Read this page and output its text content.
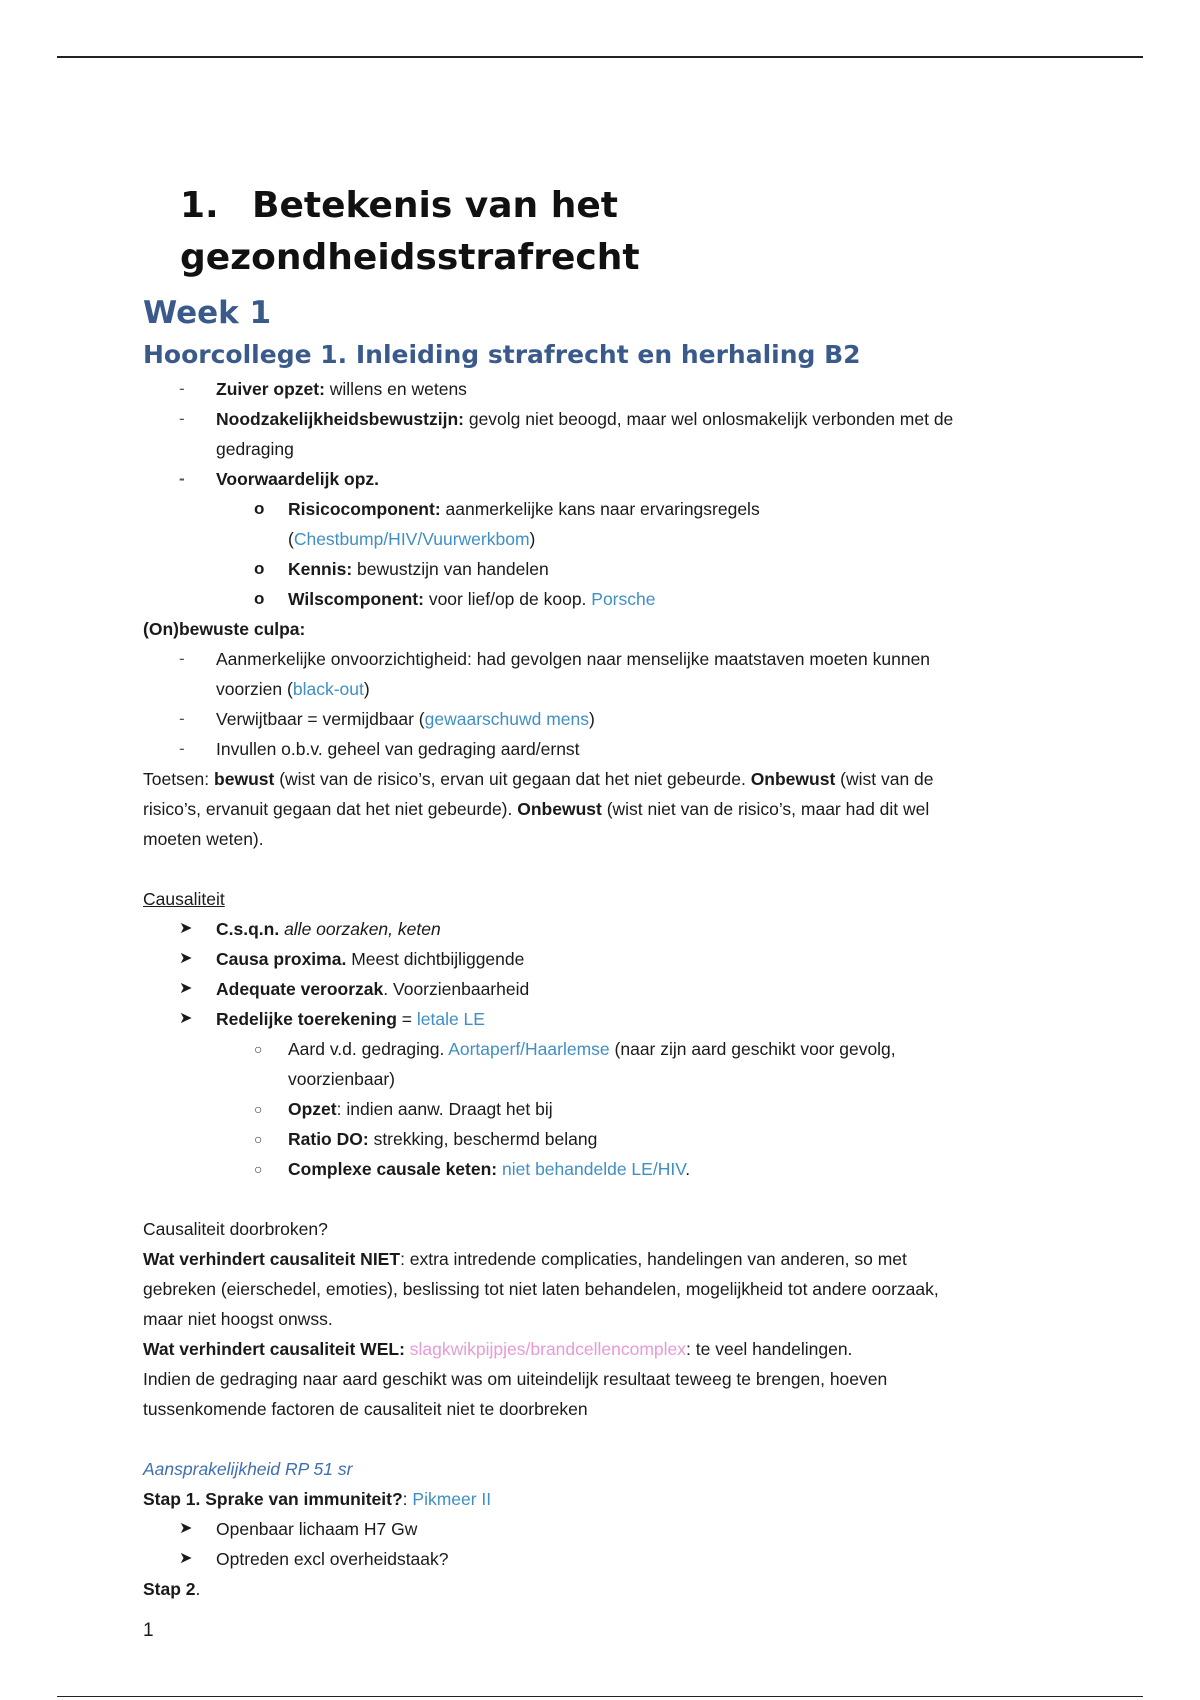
1. Betekenis van het gezondheidsstrafrecht
Week 1
Hoorcollege 1. Inleiding strafrecht en herhaling B2
- Zuiver opzet: willens en wetens
- Noodzakelijkheidsbewustzijn: gevolg niet beoogd, maar wel onlosmakelijk verbonden met de
gedraging
- Voorwaardelijk opz.
o Risicocomponent: aanmerkelijke kans naar ervaringsregels
(Chestbump/HIV/Vuurwerkbom)
o Kennis: bewustzijn van handelen
o Wilscomponent: voor lief/op de koop. Porsche

(On)bewuste culpa:

- Aanmerkelijke onvoorzichtigheid: had gevolgen naar menselijke maatstaven moeten kunnen
voorzien (black-out)
- Verwijtbaar = vermijdbaar (gewaarschuwd mens)
- Invullen o.b.v. geheel van gedraging aard/ernst

Toetsen: bewust (wist van de risico’s, ervan uit gegaan dat het niet gebeurde. Onbewust (wist van de
risico’s, ervanuit gegaan dat het niet gebeurde). Onbewust (wist niet van de risico’s, maar had dit wel
moeten weten).

Causaliteit

➤ C.s.q.n. alle oorzaken, keten
➤ Causa proxima. Meest dichtbijliggende
➤ Adequate veroorzak. Voorzienbaarheid
➤ Redelijke toerekening = letale LE
○ Aard v.d. gedraging. Aortaperf/Haarlemse (naar zijn aard geschikt voor gevolg,
voorzienbaar)
○ Opzet: indien aanw. Draagt het bij
○ Ratio DO: strekking, beschermd belang
○ Complexe causale keten: niet behandelde LE/HIV.

Causaliteit doorbroken?

Wat verhindert causaliteit NIET: extra intredende complicaties, handelingen van anderen, so met
gebreken (eierschedel, emoties), beslissing tot niet laten behandelen, mogelijkheid tot andere oorzaak,
maar niet hoogst onwss.

Wat verhindert causaliteit WEL: slagkwikpijpjes/brandcellencomplex: te veel handelingen.

Indien de gedraging naar aard geschikt was om uiteindelijk resultaat teweeg te brengen, hoeven
tussenkomende factoren de causaliteit niet te doorbreken

Aansprakelijkheid RP 51 sr

Stap 1. Sprake van immuniteit?: Pikmeer II

➤ Openbaar lichaam H7 Gw
➤ Optreden excl overheidstaak?

Stap 2.

1
